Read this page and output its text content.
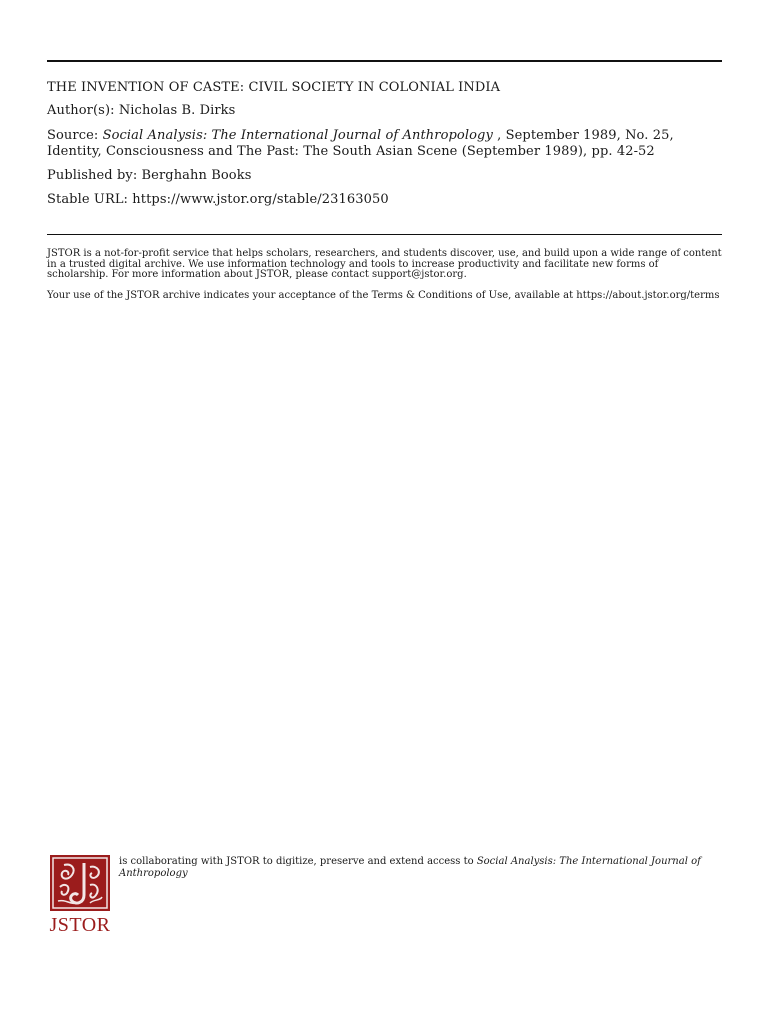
THE INVENTION OF CASTE: CIVIL SOCIETY IN COLONIAL INDIA

Author(s): Nicholas B. Dirks

Source: Social Analysis: The International Journal of Anthropology , September 1989, No. 25, Identity, Consciousness and The Past: The South Asian Scene (September 1989), pp. 42-52

Published by: Berghahn Books

Stable URL: https://www.jstor.org/stable/23163050

JSTOR is a not-for-profit service that helps scholars, researchers, and students discover, use, and build upon a wide range of content in a trusted digital archive. We use information technology and tools to increase productivity and facilitate new forms of scholarship. For more information about JSTOR, please contact support@jstor.org.

Your use of the JSTOR archive indicates your acceptance of the Terms & Conditions of Use, available at https://about.jstor.org/terms

JSTOR
is collaborating with JSTOR to digitize, preserve and extend access to Social Analysis: The International Journal of Anthropology
